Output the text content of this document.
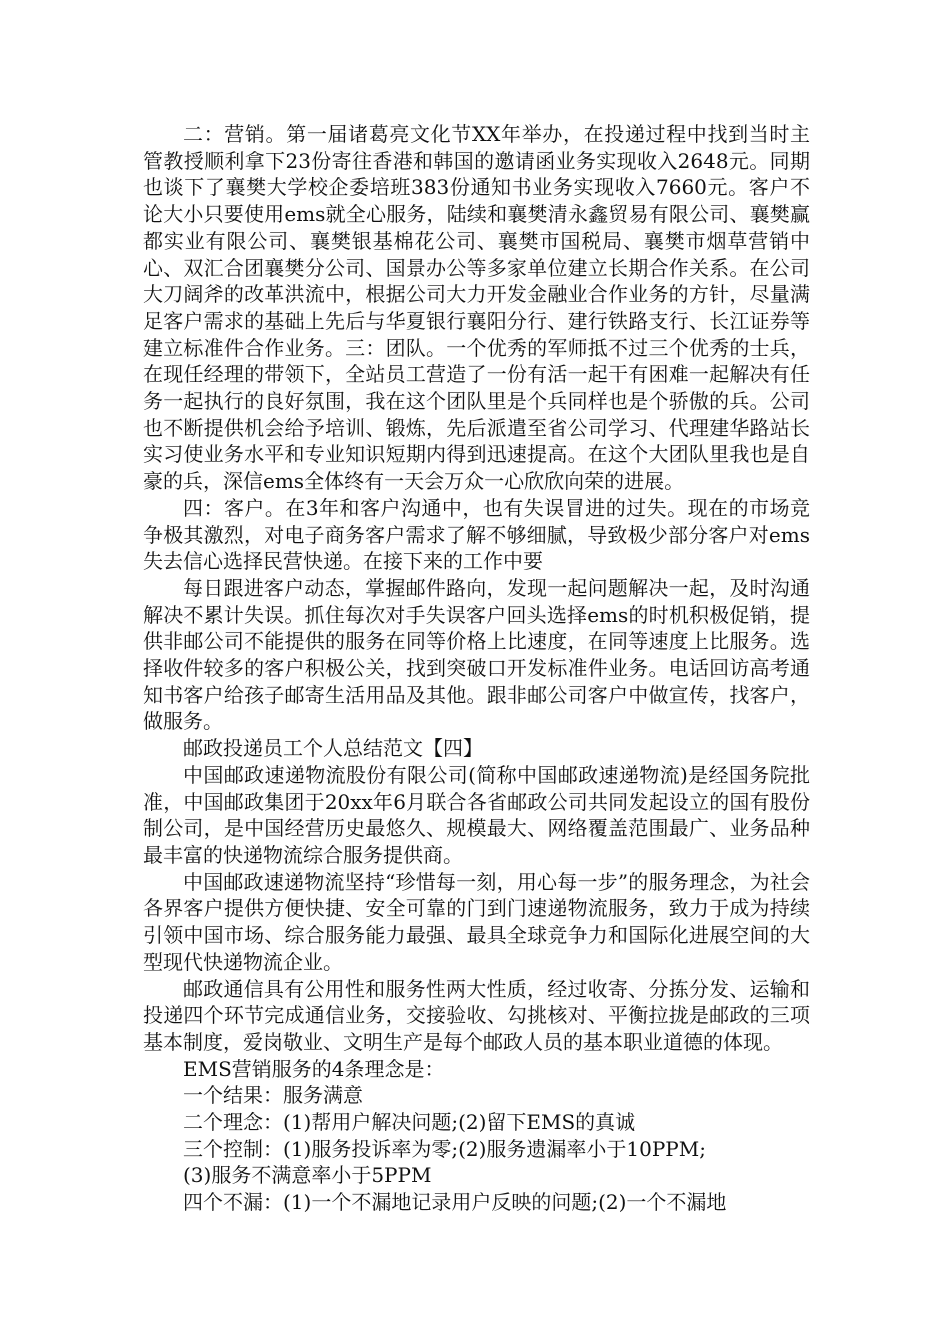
二：营销。第一届诸葛亮文化节XX年举办，在投递过程中找到当时主管教授顺利拿下23份寄往香港和韩国的邀请函业务实现收入2648元。同期也谈下了襄樊大学校企委培班383份通知书业务实现收入7660元。客户不论大小只要使用ems就全心服务，陆续和襄樊清永鑫贸易有限公司、襄樊赢都实业有限公司、襄樊银基棉花公司、襄樊市国税局、襄樊市烟草营销中心、双汇合团襄樊分公司、国景办公等多家单位建立长期合作关系。在公司大刀阔斧的改革洪流中，根据公司大力开发金融业合作业务的方针，尽量满足客户需求的基础上先后与华夏银行襄阳分行、建行铁路支行、长江证券等建立标准件合作业务。三：团队。一个优秀的军师抵不过三个优秀的士兵，在现任经理的带领下，全站员工营造了一份有活一起干有困难一起解决有任务一起执行的良好氛围，我在这个团队里是个兵同样也是个骄傲的兵。公司也不断提供机会给予培训、锻炼，先后派遣至省公司学习、代理建华路站长实习使业务水平和专业知识短期内得到迅速提高。在这个大团队里我也是自豪的兵，深信ems全体终有一天会万众一心欣欣向荣的进展。

四：客户。在3年和客户沟通中，也有失误冒进的过失。现在的市场竞争极其激烈，对电子商务客户需求了解不够细腻，导致极少部分客户对ems失去信心选择民营快递。在接下来的工作中要

每日跟进客户动态，掌握邮件路向，发现一起问题解决一起，及时沟通解决不累计失误。抓住每次对手失误客户回头选择ems的时机积极促销，提供非邮公司不能提供的服务在同等价格上比速度，在同等速度上比服务。选择收件较多的客户积极公关，找到突破口开发标准件业务。电话回访高考通知书客户给孩子邮寄生活用品及其他。跟非邮公司客户中做宣传，找客户，做服务。

邮政投递员工个人总结范文【四】

中国邮政速递物流股份有限公司(简称中国邮政速递物流)是经国务院批准，中国邮政集团于20xx年6月联合各省邮政公司共同发起设立的国有股份制公司，是中国经营历史最悠久、规模最大、网络覆盖范围最广、业务品种最丰富的快递物流综合服务提供商。

中国邮政速递物流坚持“珍惜每一刻，用心每一步”的服务理念，为社会各界客户提供方便快捷、安全可靠的门到门速递物流服务，致力于成为持续引领中国市场、综合服务能力最强、最具全球竞争力和国际化进展空间的大型现代快递物流企业。

邮政通信具有公用性和服务性两大性质，经过收寄、分拣分发、运输和投递四个环节完成通信业务，交接验收、勾挑核对、平衡拉拢是邮政的三项基本制度，爱岗敬业、文明生产是每个邮政人员的基本职业道德的体现。

EMS营销服务的4条理念是：

一个结果：服务满意

二个理念：(1)帮用户解决问题;(2)留下EMS的真诚

三个控制：(1)服务投诉率为零;(2)服务遗漏率小于10PPM;

(3)服务不满意率小于5PPM

四个不漏：(1)一个不漏地记录用户反映的问题;(2)一个不漏地
